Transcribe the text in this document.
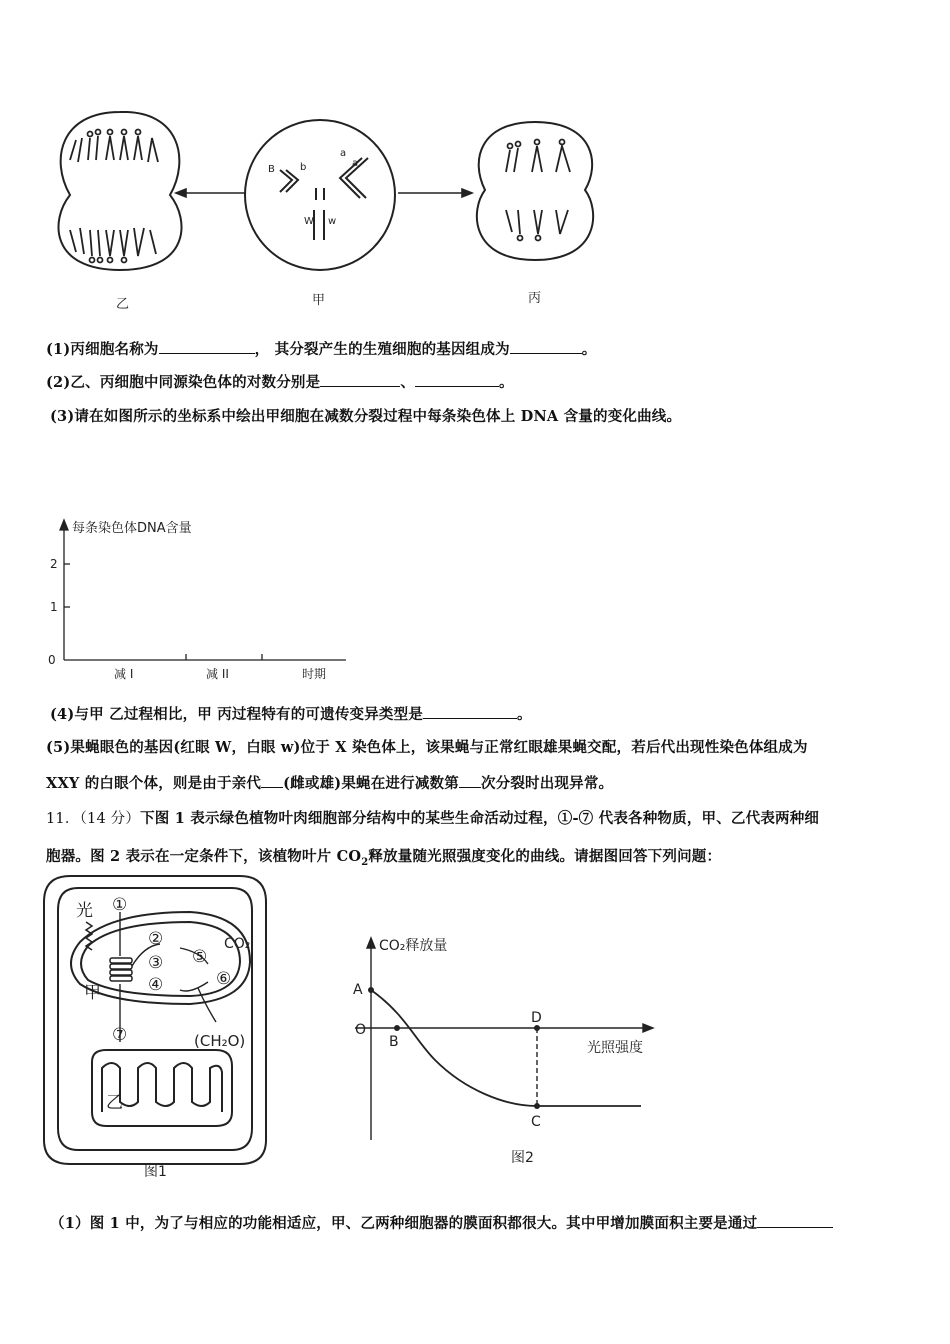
B	b
a
a
W w
乙	甲	丙
(1)丙细胞名称为	， 其分裂产生的生殖细胞的基因组成为	。
(2)乙、丙细胞中同源染色体的对数分别是	、	。
(3)请在如图所示的坐标系中绘出甲细胞在减数分裂过程中每条染色体上 DNA 含量的变化曲线。
每条染色体DNA含量
2
1
0
减 I	减 II	时期
(4)与甲 乙过程相比，甲 丙过程特有的可遗传变异类型是	。
(5)果蝇眼色的基因(红眼 W，白眼 w)位于 X 染色体上，该果蝇与正常红眼雄果蝇交配，若后代出现性染色体组成为
XXY 的白眼个体，则是由于亲代 (雌或雄)果蝇在进行减数第 次分裂时出现异常。
11．（14 分）下图 1 表示绿色植物叶肉细胞部分结构中的某些生命活动过程，①-⑦ 代表各种物质，甲、乙代表两种细
胞器。图 2 表示在一定条件下，该植物叶片 $CO_2$释放量随光照强度变化的曲线。请据图回答下列问题：
光 ①
②
③
④
⑤
⑥
⑦
甲
乙
CO₂
(CH₂O)
图1
CO₂释放量
光照强度
A
O
B
D
C
图2
（1）图 1 中，为了与相应的功能相适应，甲、乙两种细胞器的膜面积都很大。其中甲增加膜面积主要是通过
